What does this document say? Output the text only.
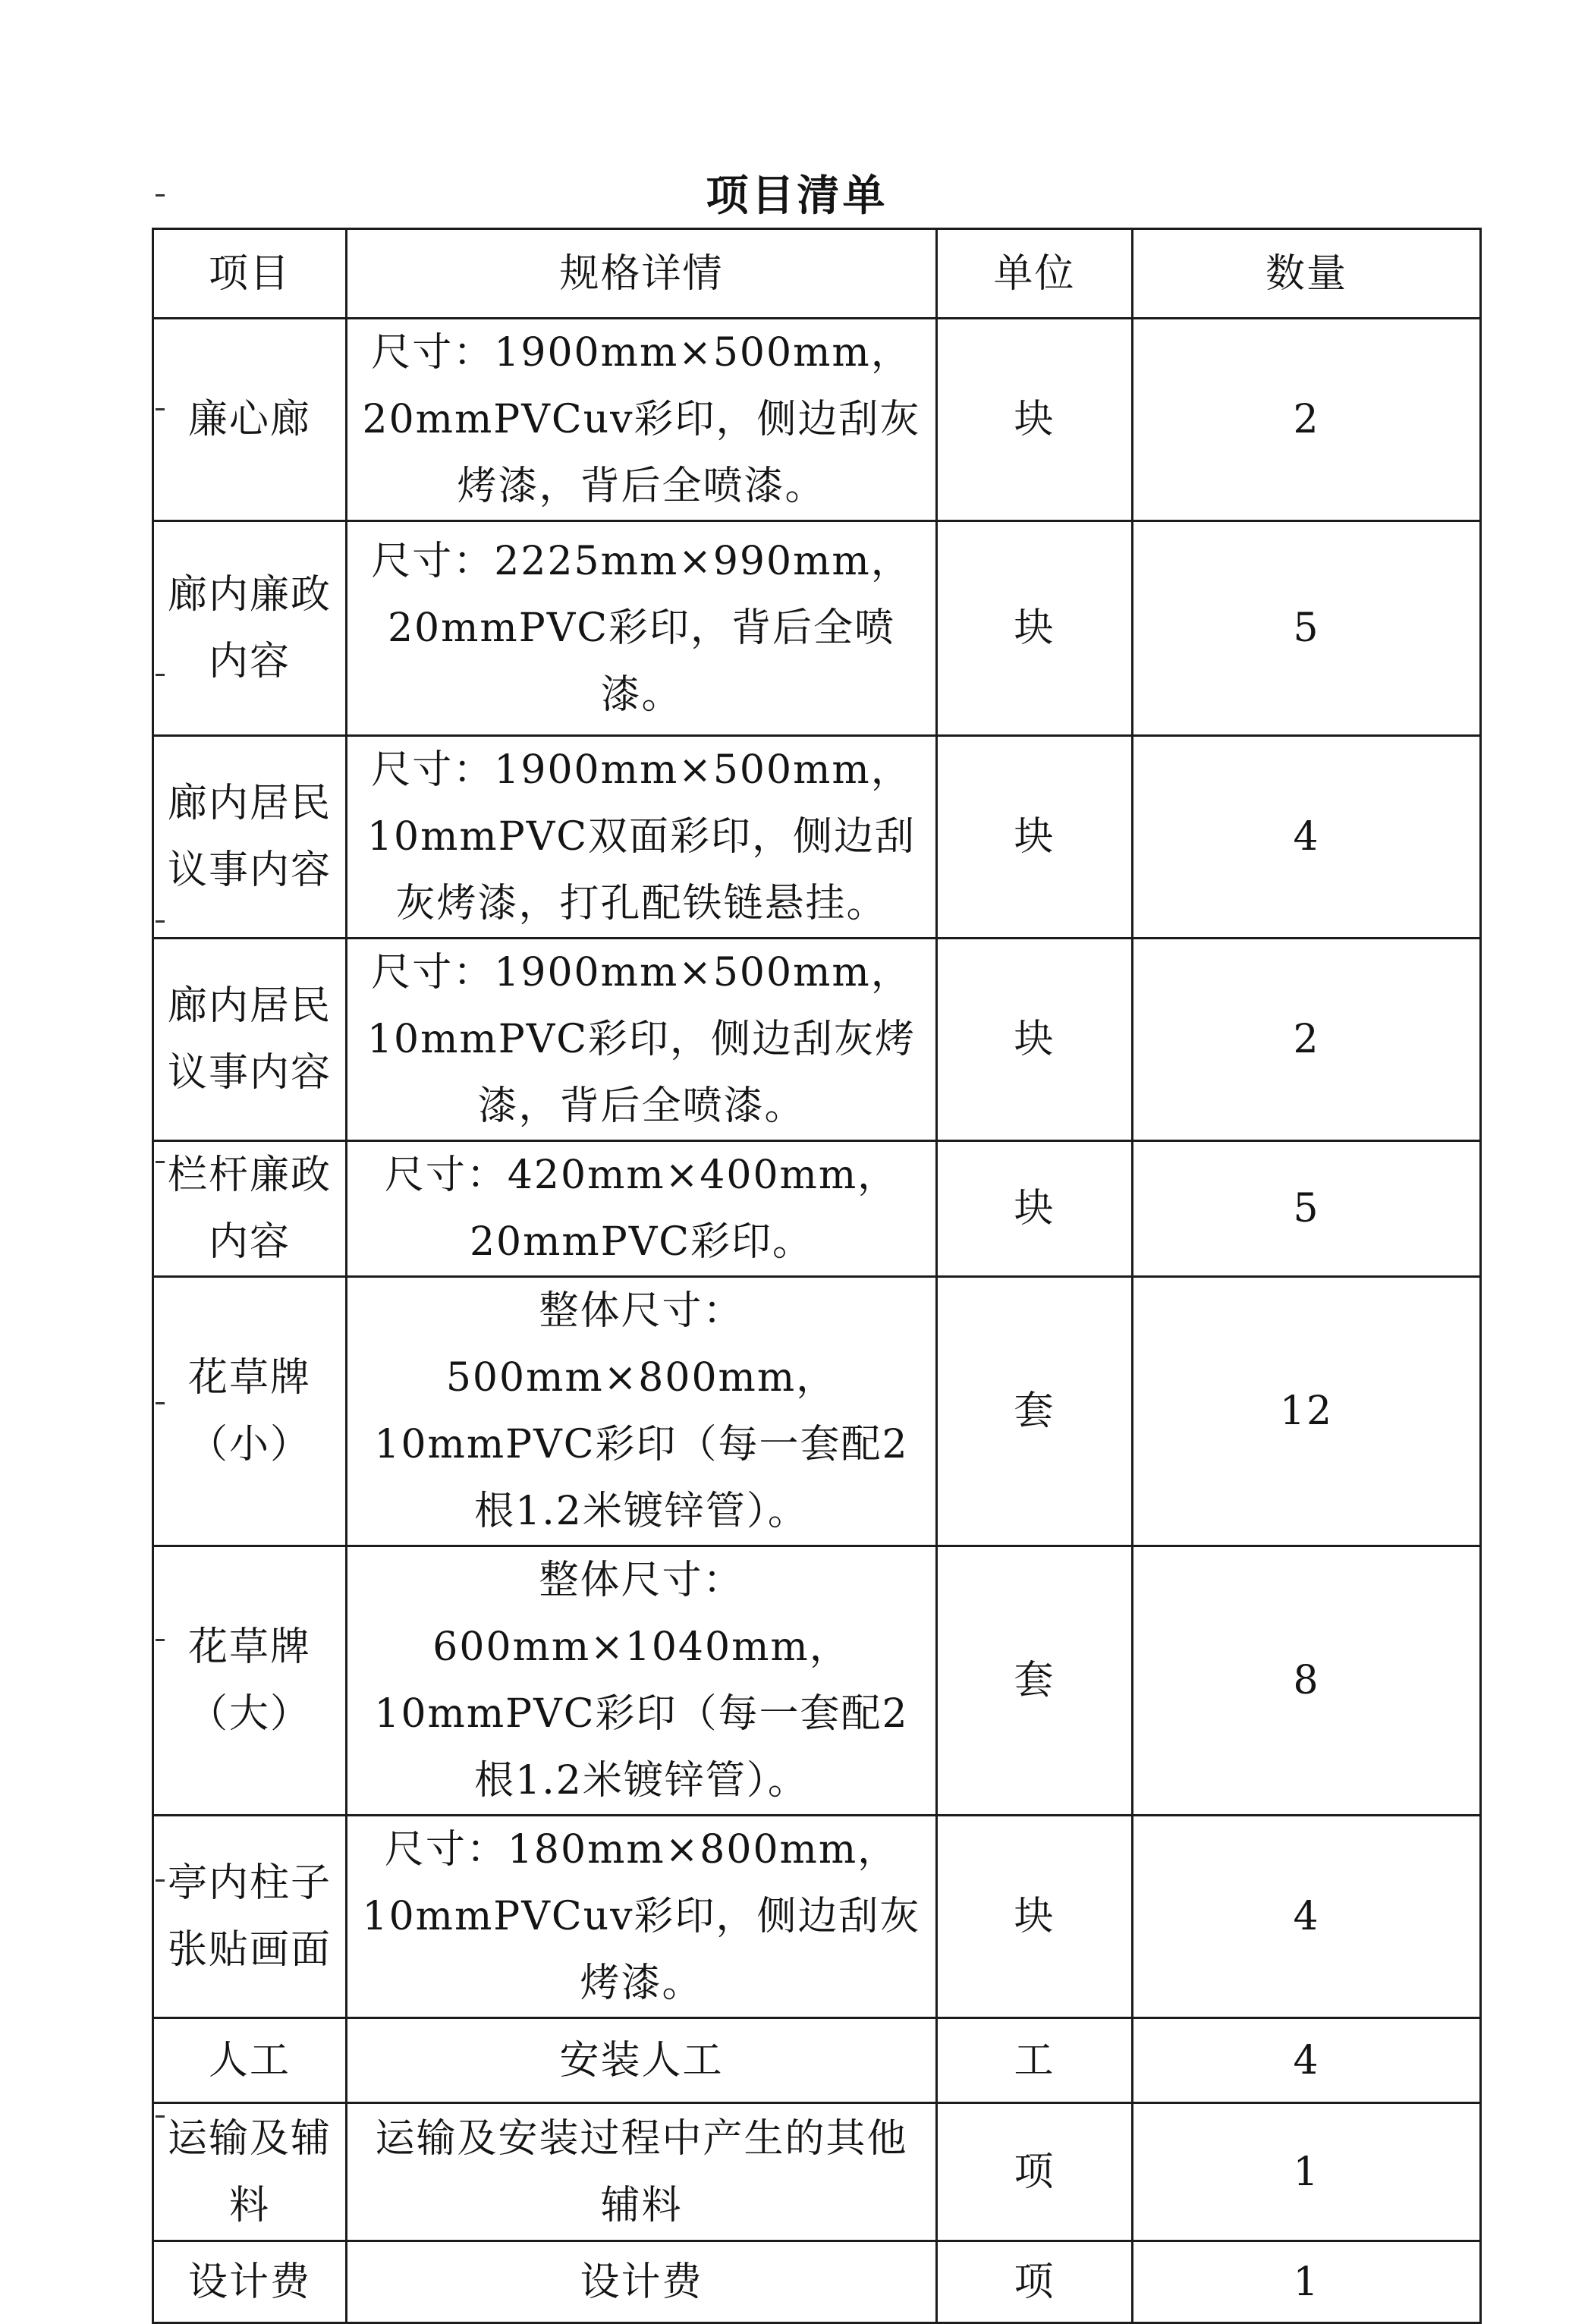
项目清单
项目	规格详情	单位	数量
廉心廊	尺寸：1900mm×500mm，20mmPVCuv彩印，侧边刮灰烤漆，背后全喷漆。	块	2
廊内廉政内容	尺寸：2225mm×990mm，20mmPVC彩印，背后全喷漆。	块	5
廊内居民议事内容	尺寸：1900mm×500mm，10mmPVC双面彩印，侧边刮灰烤漆，打孔配铁链悬挂。	块	4
廊内居民议事内容	尺寸：1900mm×500mm，10mmPVC彩印，侧边刮灰烤漆，背后全喷漆。	块	2
栏杆廉政内容	尺寸：420mm×400mm，20mmPVC彩印。	块	5
花草牌（小）	整体尺寸：500mm×800mm，10mmPVC彩印（每一套配2根1.2米镀锌管）。	套	12
花草牌（大）	整体尺寸：600mm×1040mm，10mmPVC彩印（每一套配2根1.2米镀锌管）。	套	8
亭内柱子张贴画面	尺寸：180mm×800mm，10mmPVCuv彩印，侧边刮灰烤漆。	块	4
人工	安装人工	工	4
运输及辅料	运输及安装过程中产生的其他辅料	项	1
设计费	设计费	项	1
